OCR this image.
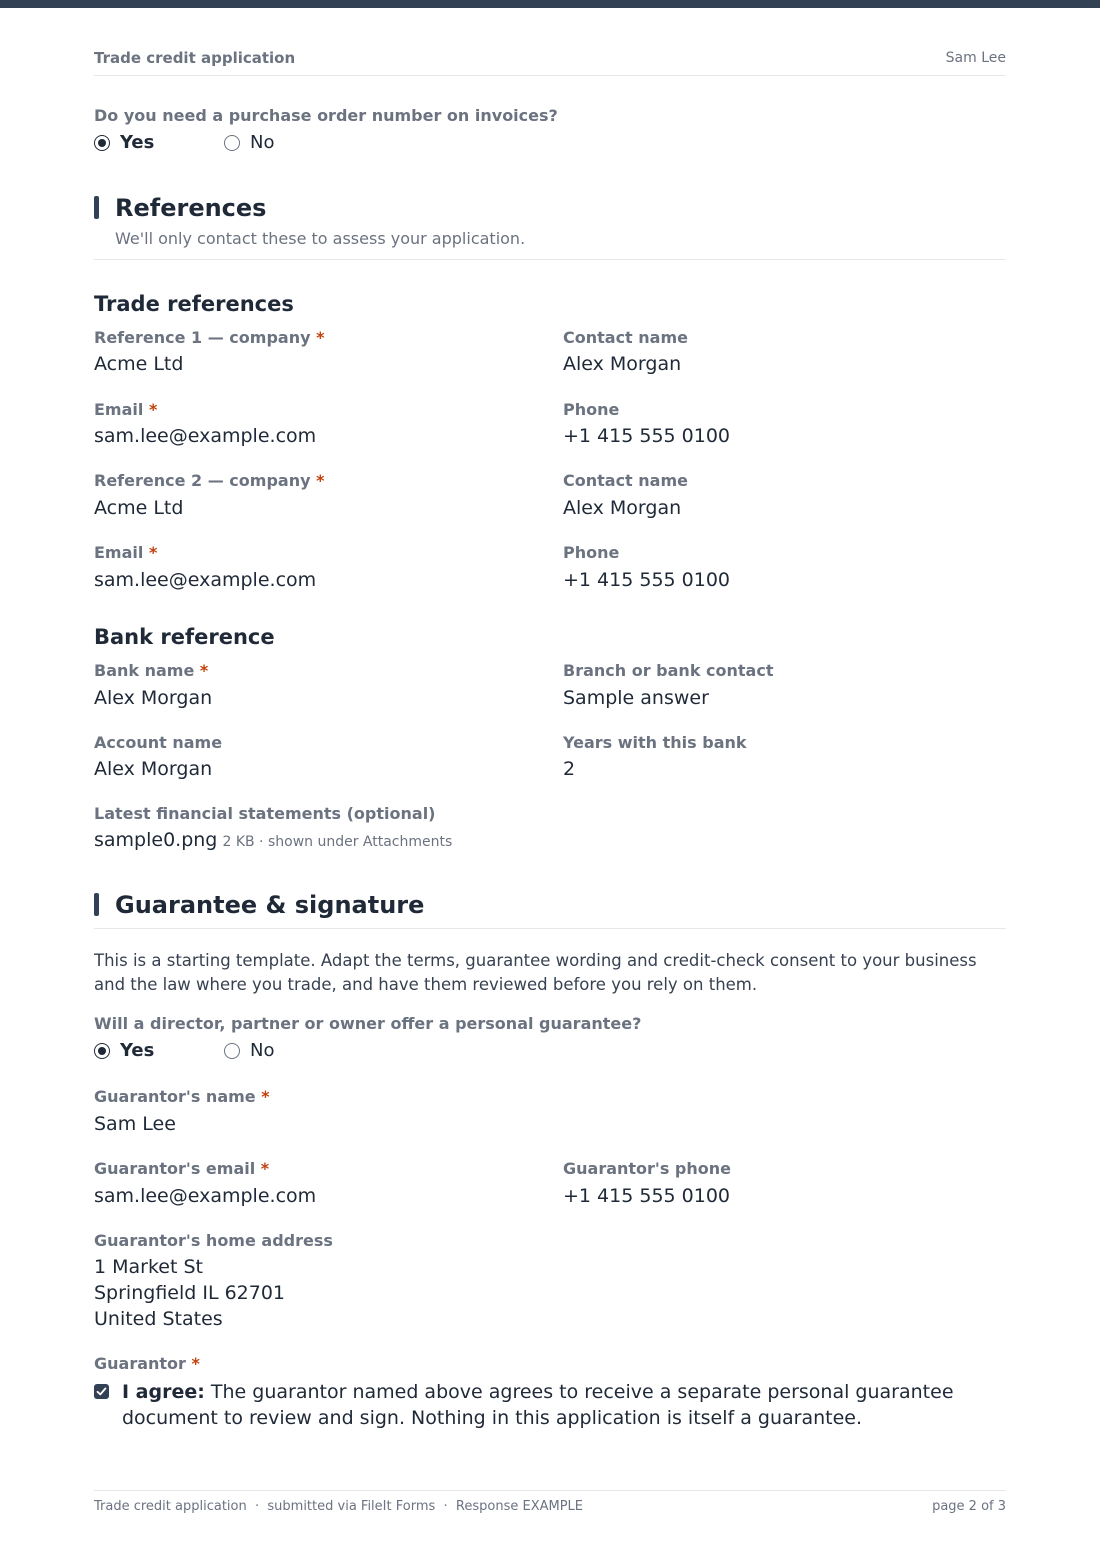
Trade credit application	Sam Lee
Do you need a purchase order number on invoices?
Yes	No
References
We'll only contact these to assess your application.
Trade references
Reference 1 — company *
Acme Ltd
Contact name
Alex Morgan
Email *
sam.lee@example.com
Phone
+1 415 555 0100
Reference 2 — company *
Acme Ltd
Contact name
Alex Morgan
Email *
sam.lee@example.com
Phone
+1 415 555 0100
Bank reference
Bank name *
Alex Morgan
Branch or bank contact
Sample answer
Account name
Alex Morgan
Years with this bank
2
Latest financial statements (optional)
sample0.png 2 KB · shown under Attachments
Guarantee & signature
This is a starting template. Adapt the terms, guarantee wording and credit-check consent to your business and the law where you trade, and have them reviewed before you rely on them.
Will a director, partner or owner offer a personal guarantee?
Yes	No
Guarantor's name *
Sam Lee
Guarantor's email *
sam.lee@example.com
Guarantor's phone
+1 415 555 0100
Guarantor's home address
1 Market St
Springfield IL 62701
United States
Guarantor *
I agree: The guarantor named above agrees to receive a separate personal guarantee document to review and sign. Nothing in this application is itself a guarantee.
Trade credit application  ·  submitted via FileIt Forms  ·  Response EXAMPLE	page 2 of 3
